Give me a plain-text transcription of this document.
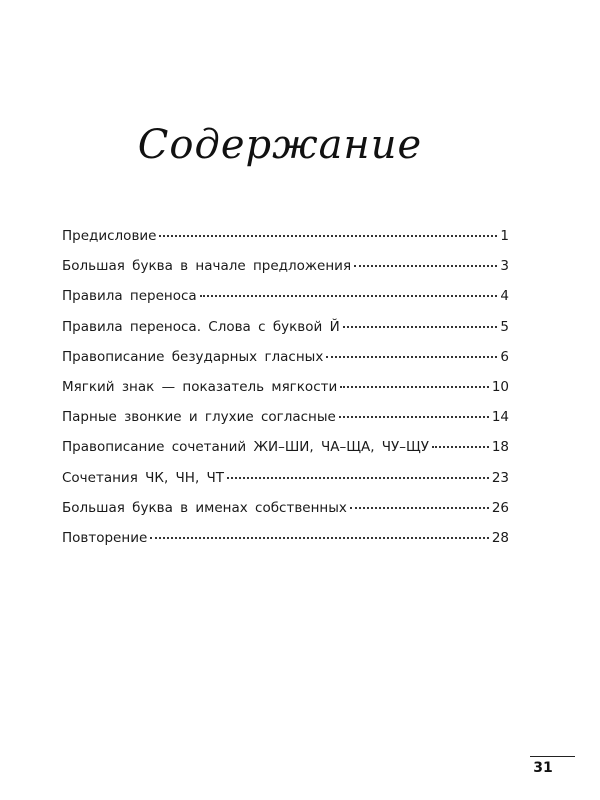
Содержание
Предисловие	1
Большая буква в начале предложения	3
Правила переноса	4
Правила переноса. Слова с буквой Й	5
Правописание безударных гласных	6
Мягкий знак — показатель мягкости	10
Парные звонкие и глухие согласные	14
Правописание сочетаний ЖИ–ШИ, ЧА–ЩА, ЧУ–ЩУ	18
Сочетания ЧК, ЧН, ЧТ	23
Большая буква в именах собственных	26
Повторение	28
31
